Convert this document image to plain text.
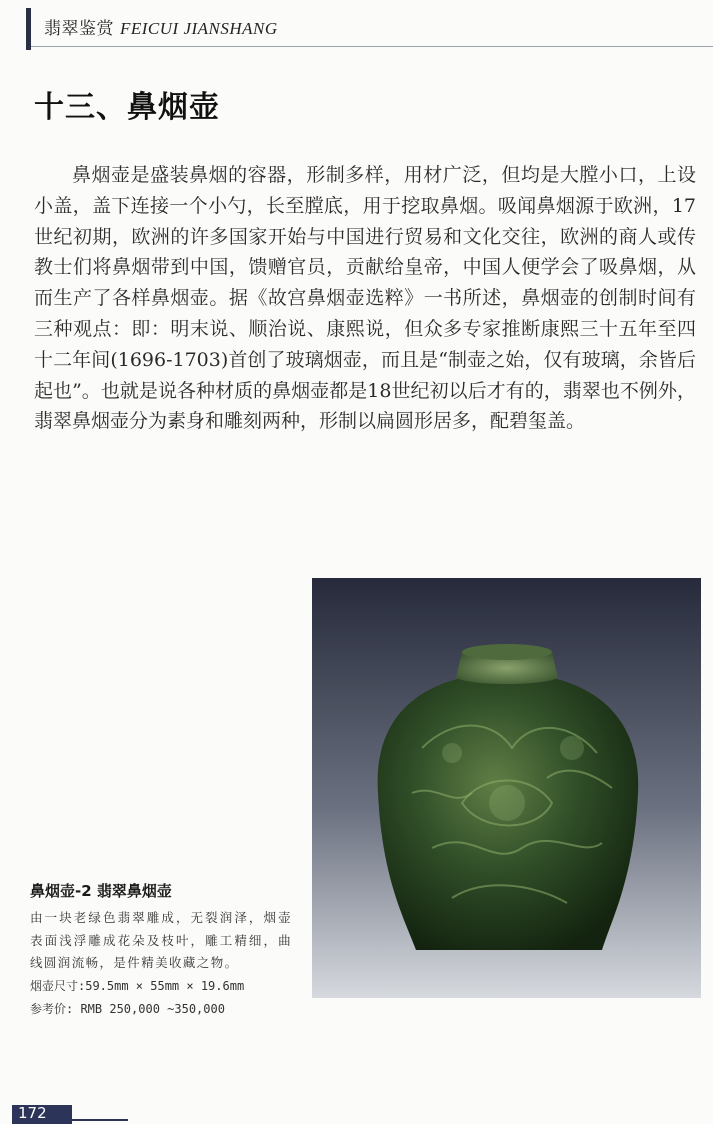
翡翠鉴赏 FEICUI JIANSHANG
十三、鼻烟壶

鼻烟壶是盛装鼻烟的容器，形制多样，用材广泛，但均是大膛小口，上设小盖，盖下连接一个小勺，长至膛底，用于挖取鼻烟。吸闻鼻烟源于欧洲，17世纪初期，欧洲的许多国家开始与中国进行贸易和文化交往，欧洲的商人或传教士们将鼻烟带到中国，馈赠官员，贡献给皇帝，中国人便学会了吸鼻烟，从而生产了各样鼻烟壶。据《故宫鼻烟壶选粹》一书所述，鼻烟壶的创制时间有三种观点：即：明末说、顺治说、康熙说，但众多专家推断康熙三十五年至四十二年间(1696-1703)首创了玻璃烟壶，而且是“制壶之始，仅有玻璃，余皆后起也”。也就是说各种材质的鼻烟壶都是18世纪初以后才有的，翡翠也不例外，翡翠鼻烟壶分为素身和雕刻两种，形制以扁圆形居多，配碧玺盖。

鼻烟壶-2 翡翠鼻烟壶
由一块老绿色翡翠雕成，无裂润泽，烟壶表面浅浮雕成花朵及枝叶，雕工精细，曲线圆润流畅，是件精美收藏之物。
烟壶尺寸:59.5mm × 55mm × 19.6mm
参考价: RMB 250,000 ~350,000
172
